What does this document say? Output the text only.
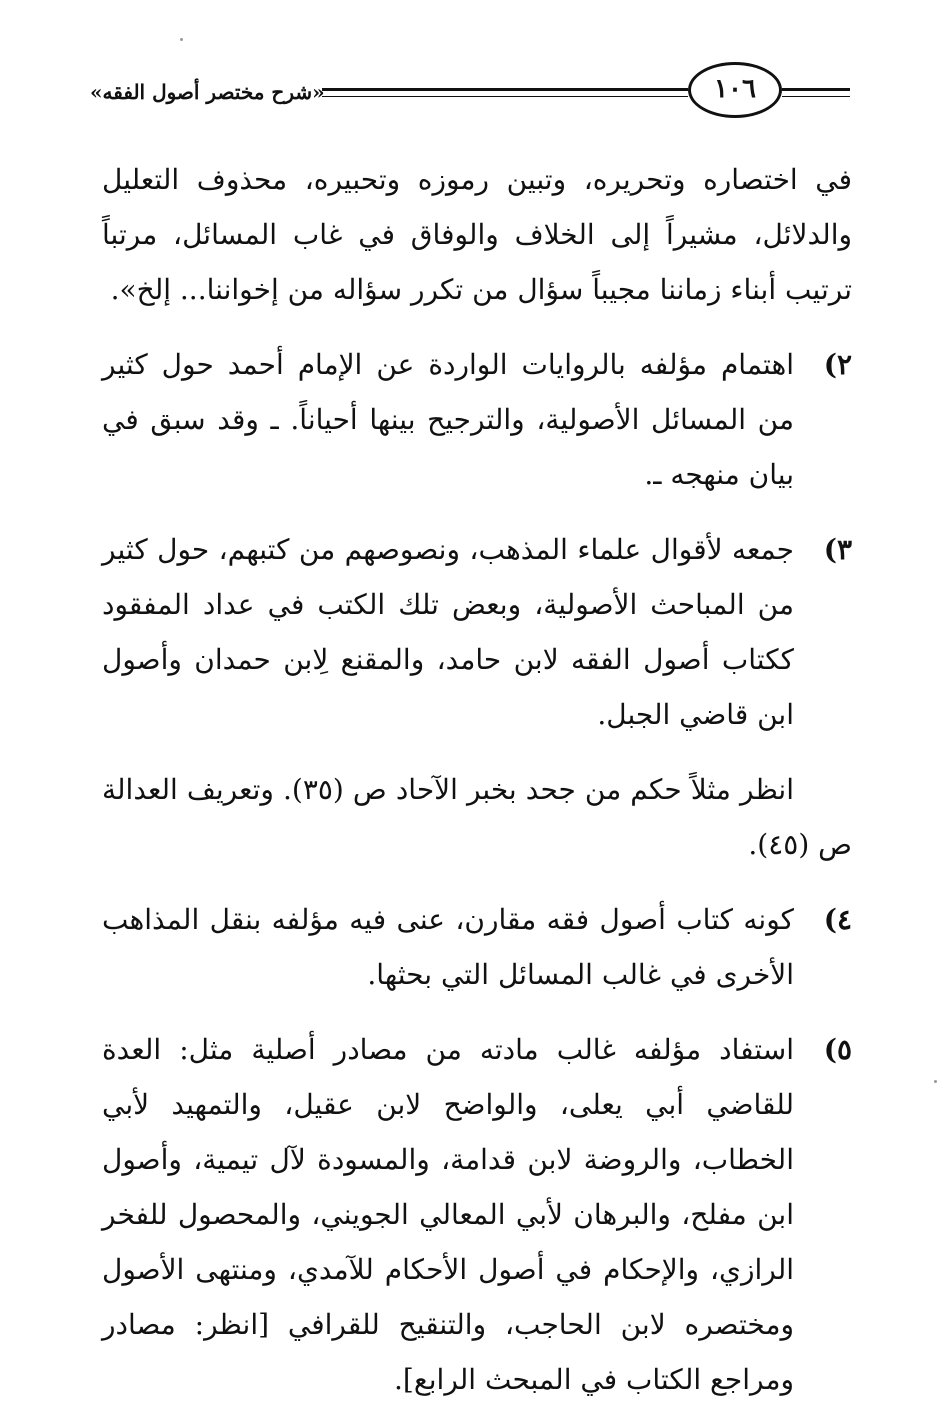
«شرح مختصر أصول الفقه»	١٠٦

في اختصاره وتحريره، وتبين رموزه وتحبيره، محذوف التعليل والدلائل، مشيراً إلى الخلاف والوفاق في غاب المسائل، مرتباً ترتيب أبناء زماننا مجيباً سؤال من تكرر سؤاله من إخواننا... إلخ».

٢)
اهتمام مؤلفه بالروايات الواردة عن الإمام أحمد حول كثير من المسائل الأصولية، والترجيح بينها أحياناً. ـ وقد سبق في بيان منهجه ـ.
٣)
جمعه لأقوال علماء المذهب، ونصوصهم من كتبهم، حول كثير من المباحث الأصولية، وبعض تلك الكتب في عداد المفقود ككتاب أصول الفقه لابن حامد، والمقنع لِابن حمدان وأصول ابن قاضي الجبل.

انظر مثلاً حكم من جحد بخبر الآحاد ص (٣٥). وتعريف العدالة ص (٤٥).

٤)
كونه كتاب أصول فقه مقارن، عنى فيه مؤلفه بنقل المذاهب الأخرى في غالب المسائل التي بحثها.
٥)
استفاد مؤلفه غالب مادته من مصادر أصلية مثل: العدة للقاضي أبي يعلى، والواضح لابن عقيل، والتمهيد لأبي الخطاب، والروضة لابن قدامة، والمسودة لآل تيمية، وأصول ابن مفلح، والبرهان لأبي المعالي الجويني، والمحصول للفخر الرازي، والإحكام في أصول الأحكام للآمدي، ومنتهى الأصول ومختصره لابن الحاجب، والتنقيح للقرافي [انظر: مصادر ومراجع الكتاب في المبحث الرابع].
